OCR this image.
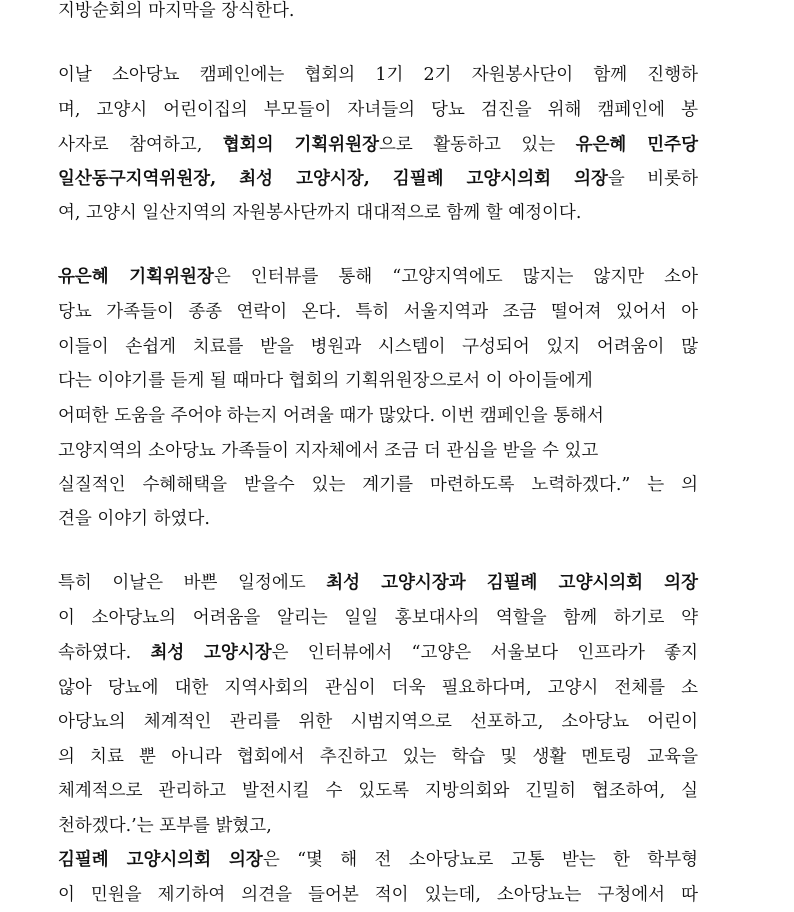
지방순회의 마지막을 장식한다.
이날 소아당뇨 캠페인에는 협회의 1기 2기 자원봉사단이 함께 진행하
며, 고양시 어린이집의 부모들이 자녀들의 당뇨 검진을 위해 캠페인에 봉
사자로 참여하고, 협회의 기획위원장으로 활동하고 있는 유은혜 민주당
일산동구지역위원장, 최성 고양시장, 김필례 고양시의회 의장을 비롯하
여, 고양시 일산지역의 자원봉사단까지 대대적으로 함께 할 예정이다.
유은혜 기획위원장은 인터뷰를 통해 “고양지역에도 많지는 않지만 소아
당뇨 가족들이 종종 연락이 온다. 특히 서울지역과 조금 떨어져 있어서 아
이들이 손쉽게 치료를 받을 병원과 시스템이 구성되어 있지 어려움이 많
다는 이야기를 듣게 될 때마다 협회의 기획위원장으로서 이 아이들에게
어떠한 도움을 주어야 하는지 어려울 때가 많았다. 이번 캠페인을 통해서
고양지역의 소아당뇨 가족들이 지자체에서 조금 더 관심을 받을 수 있고
실질적인 수혜해택을 받을수 있는 계기를 마련하도록 노력하겠다.” 는 의
견을 이야기 하였다.
특히 이날은 바쁜 일정에도 최성 고양시장과 김필례 고양시의회 의장
이 소아당뇨의 어려움을 알리는 일일 홍보대사의 역할을 함께 하기로 약
속하였다. 최성 고양시장은 인터뷰에서 “고양은 서울보다 인프라가 좋지
않아 당뇨에 대한 지역사회의 관심이 더욱 필요하다며, 고양시 전체를 소
아당뇨의 체계적인 관리를 위한 시범지역으로 선포하고, 소아당뇨 어린이
의 치료 뿐 아니라 협회에서 추진하고 있는 학습 및 생활 멘토링 교육을
체계적으로 관리하고 발전시킬 수 있도록 지방의회와 긴밀히 협조하여, 실
천하겠다.’는 포부를 밝혔고,
김필례 고양시의회 의장은 “몇 해 전 소아당뇨로 고통 받는 한 학부형
이 민원을 제기하여 의견을 들어본 적이 있는데, 소아당뇨는 구청에서 따
